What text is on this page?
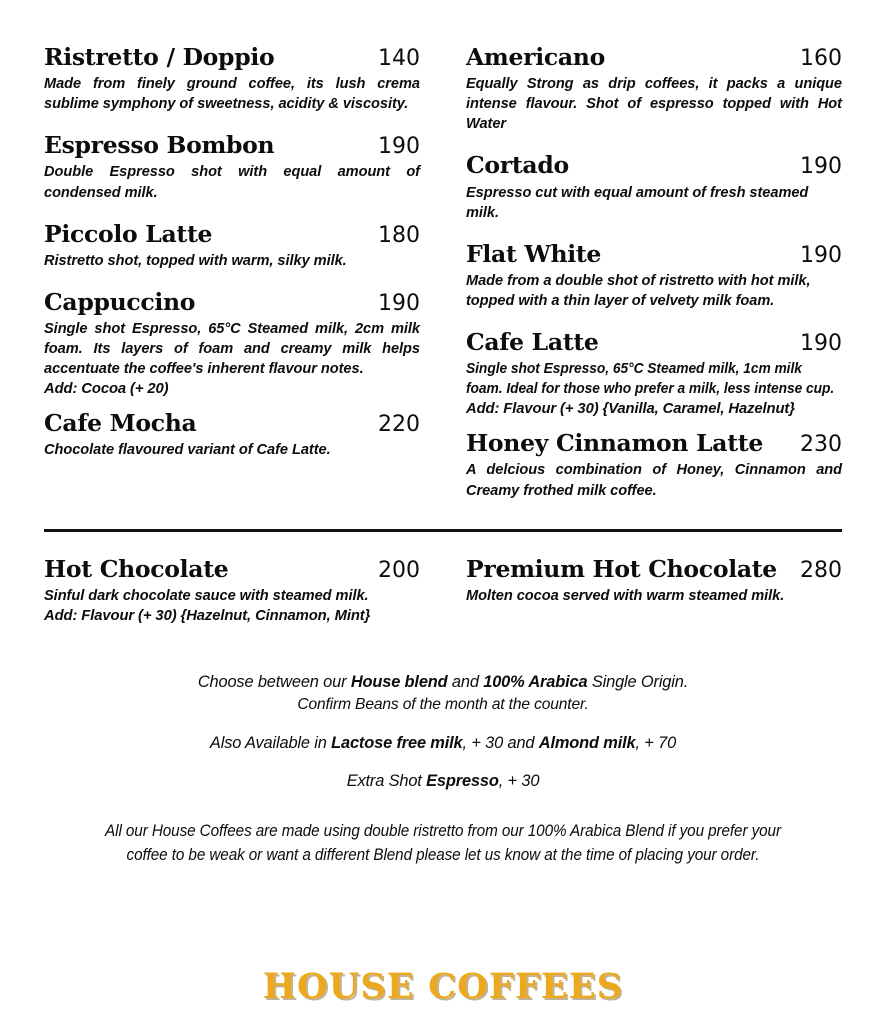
Ristretto / Doppio	140
Made from finely ground coffee, its lush crema sublime symphony of sweetness, acidity & viscosity.
Espresso Bombon	190
Double Espresso shot with equal amount of condensed milk.
Piccolo Latte	180
Ristretto shot, topped with warm, silky milk.
Cappuccino	190
Single shot Espresso, 65°C Steamed milk, 2cm milk foam. Its layers of foam and creamy milk helps accentuate the coffee's inherent flavour notes.
Add: Cocoa (+ 20)
Cafe Mocha	220
Chocolate flavoured variant of Cafe Latte.
Americano	160
Equally Strong as drip coffees, it packs a unique intense flavour. Shot of espresso topped with Hot Water
Cortado	190
Espresso cut with equal amount of fresh steamed milk.
Flat White	190
Made from a double shot of ristretto with hot milk, topped with a thin layer of velvety milk foam.
Cafe Latte	190
Single shot Espresso, 65°C Steamed milk, 1cm milk foam. Ideal for those who prefer a milk, less intense cup.
Add: Flavour (+ 30) {Vanilla, Caramel, Hazelnut}
Honey Cinnamon Latte 230
A delcious combination of Honey, Cinnamon and Creamy frothed milk coffee.
Hot Chocolate	200
Sinful dark chocolate sauce with steamed milk.
Add: Flavour (+ 30) {Hazelnut, Cinnamon, Mint}
Premium Hot Chocolate 280
Molten cocoa served with warm steamed milk.
Choose between our House blend and 100% Arabica Single Origin.
Confirm Beans of the month at the counter.
Also Available in Lactose free milk, + 30 and Almond milk, + 70
Extra Shot Espresso, + 30
All our House Coffees are made using double ristretto from our 100% Arabica Blend if you prefer your coffee to be weak or want a different Blend please let us know at the time of placing your order.
HOUSE COFFEES
